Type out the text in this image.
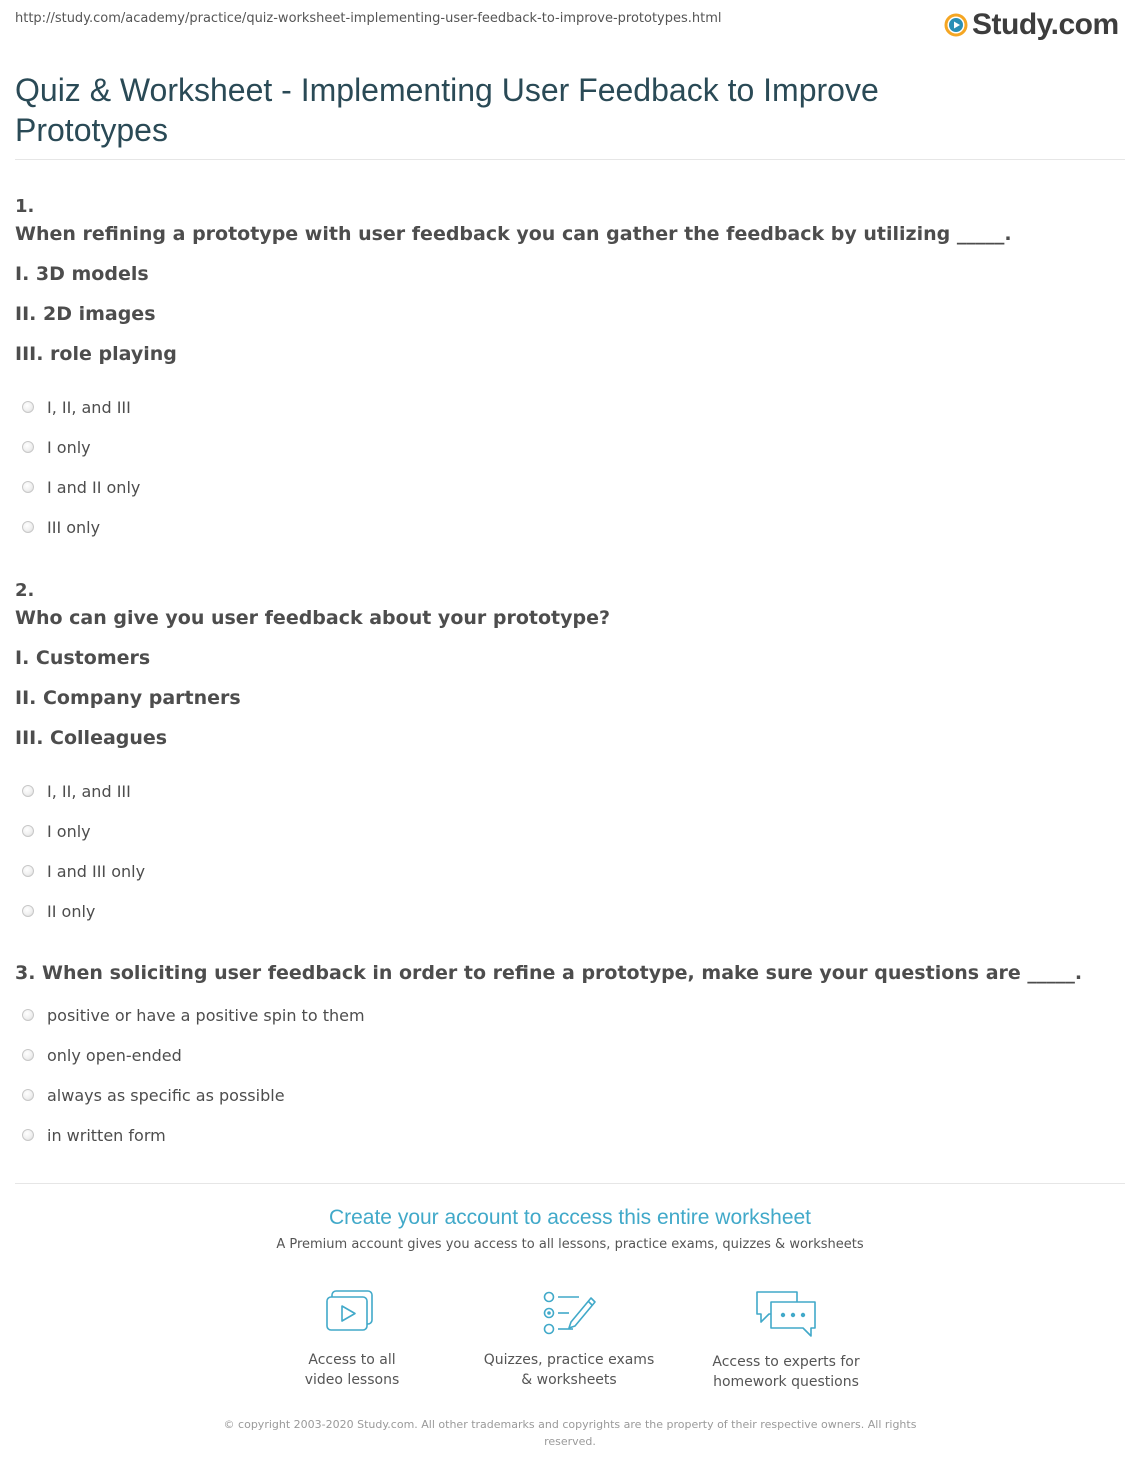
http://study.com/academy/practice/quiz-worksheet-implementing-user-feedback-to-improve-prototypes.html	Study.com
Quiz & Worksheet - Implementing User Feedback to Improve Prototypes
1.
When refining a prototype with user feedback you can gather the feedback by utilizing _____.
I. 3D models
II. 2D images
III. role playing
I, II, and III
I only
I and II only
III only
2.
Who can give you user feedback about your prototype?
I. Customers
II. Company partners
III. Colleagues
I, II, and III
I only
I and III only
II only
3. When soliciting user feedback in order to refine a prototype, make sure your questions are _____.
positive or have a positive spin to them
only open-ended
always as specific as possible
in written form
Create your account to access this entire worksheet
A Premium account gives you access to all lessons, practice exams, quizzes & worksheets
Access to all
video lessons
Quizzes, practice exams
& worksheets
Access to experts for
homework questions
© copyright 2003-2020 Study.com. All other trademarks and copyrights are the property of their respective owners. All rights reserved.
